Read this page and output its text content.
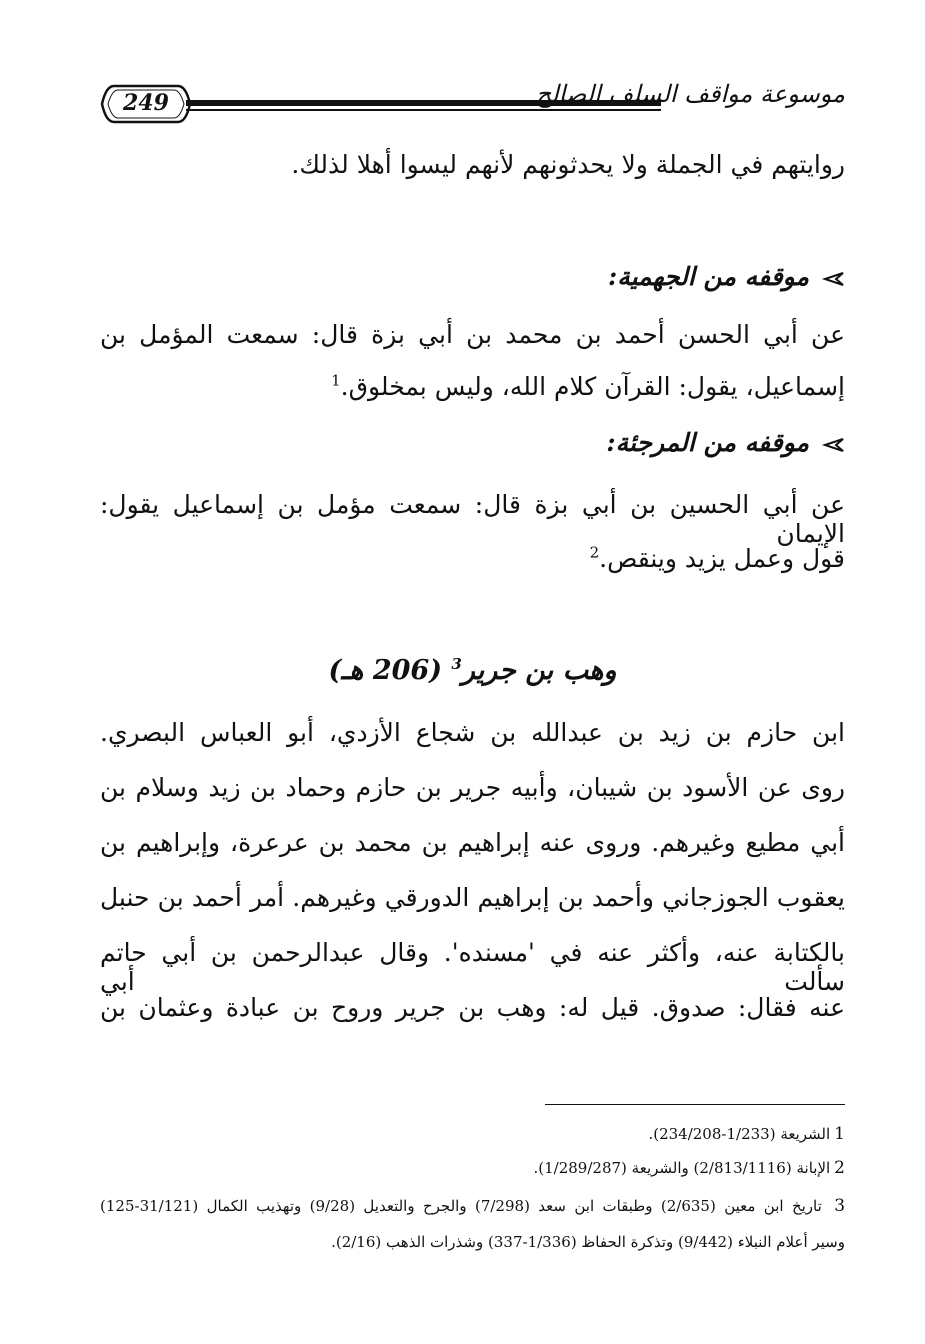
249	موسوعة مواقف السلف الصالح
روايتهم في الجملة ولا يحدثونهم لأنهم ليسوا أهلا لذلك.
موقفه من الجهمية:
عن أبي الحسن أحمد بن محمد بن أبي بزة قال: سمعت المؤمل بن
إسماعيل، يقول: القرآن كلام الله، وليس بمخلوق.$^1$
موقفه من المرجئة:
عن أبي الحسين بن أبي بزة قال: سمعت مؤمل بن إسماعيل يقول: الإيمان
قول وعمل يزيد وينقص.$^2$
وهب بن جرير$^3$ (206 هـ)
ابن حازم بن زيد بن عبدالله بن شجاع الأزدي، أبو العباس البصري.
روى عن الأسود بن شيبان، وأبيه جرير بن حازم وحماد بن زيد وسلام بن
أبي مطيع وغيرهم. وروى عنه إبراهيم بن محمد بن عرعرة، وإبراهيم بن
يعقوب الجوزجاني وأحمد بن إبراهيم الدورقي وغيرهم. أمر أحمد بن حنبل
بالكتابة عنه، وأكثر عنه في 'مسنده'. وقال عبدالرحمن بن أبي حاتم سألت أبي
عنه فقال: صدوق. قيل له: وهب بن جرير وروح بن عبادة وعثمان بن
1الشريعة (1/233-234/208).
2الإبانة (2/813/1116) والشريعة (1/289/287).
3 تاريخ ابن معين (2/635) وطبقات ابن سعد (7/298) والجرح والتعديل (9/28) وتهذيب الكمال (31/121-125)
وسير أعلام النبلاء (9/442) وتذكرة الحفاظ (1/336-337) وشذرات الذهب (2/16).
